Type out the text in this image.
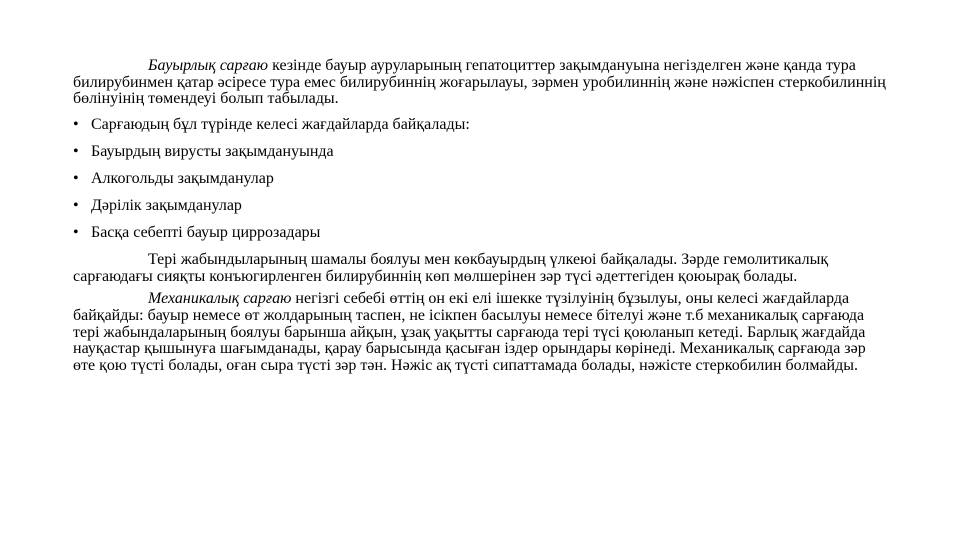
Бауырлық сарғаю кезінде бауыр ауруларының гепатоциттер зақымдануына негізделген және қанда тура билирубинмен қатар әсіресе тура емес билирубиннің жоғарылауы, зәрмен уробилиннің және нәжіспен стеркобилиннің бөлінуінің төмендеуі болып табылады.

• Сарғаюдың бұл түрінде келесі жағдайларда байқалады:
• Бауырдың вирусты зақымдануында
• Алкогольды зақымданулар
• Дәрілік зақымданулар
• Басқа себепті бауыр циррозадары

Тері жабындыларының шамалы боялуы мен көкбауырдың үлкеюі байқалады. Зәрде гемолитикалық сарғаюдағы сияқты конъюгирленген билирубиннің көп мөлшерінен зәр түсі әдеттегіден қоюырақ болады.

Механикалық сарғаю негізгі себебі өттің он екі елі ішекке түзілуінің бұзылуы, оны келесі жағдайларда байқайды: бауыр немесе өт жолдарының таспен, не ісікпен басылуы немесе бітелуі және т.б механикалық сарғаюда тері жабындаларының боялуы барынша айқын, ұзақ уақытты сарғаюда тері түсі қоюланып кетеді. Барлық жағдайда науқастар қышынуға шағымданады, қарау барысында қасыған іздер орындары көрінеді. Механикалық сарғаюда зәр өте қою түсті болады, оған сыра түсті зәр тән. Нәжіс ақ түсті сипаттамада болады, нәжісте стеркобилин болмайды.
